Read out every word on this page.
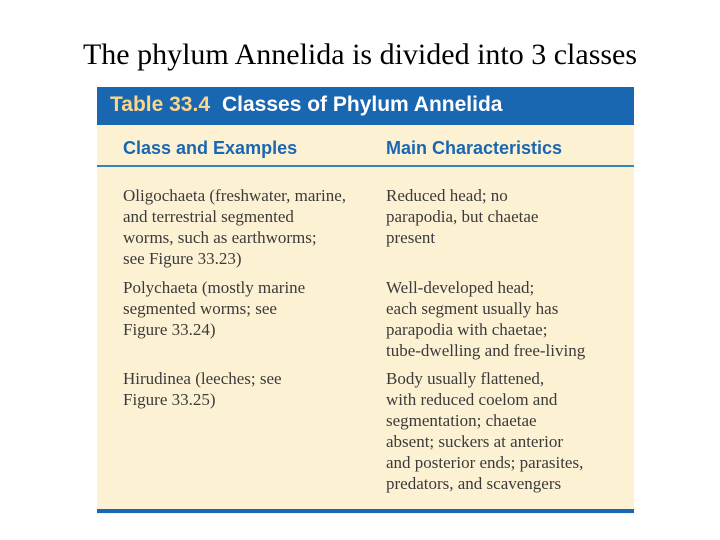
The phylum Annelida is divided into 3 classes
Table 33.4 Classes of Phylum Annelida
Class and Examples	Main Characteristics
Oligochaeta (freshwater, marine,
and terrestrial segmented
worms, such as earthworms;
see Figure 33.23)
Reduced head; no
parapodia, but chaetae
present
Polychaeta (mostly marine
segmented worms; see
Figure 33.24)
Well-developed head;
each segment usually has
parapodia with chaetae;
tube-dwelling and free-living
Hirudinea (leeches; see
Figure 33.25)
Body usually flattened,
with reduced coelom and
segmentation; chaetae
absent; suckers at anterior
and posterior ends; parasites,
predators, and scavengers
